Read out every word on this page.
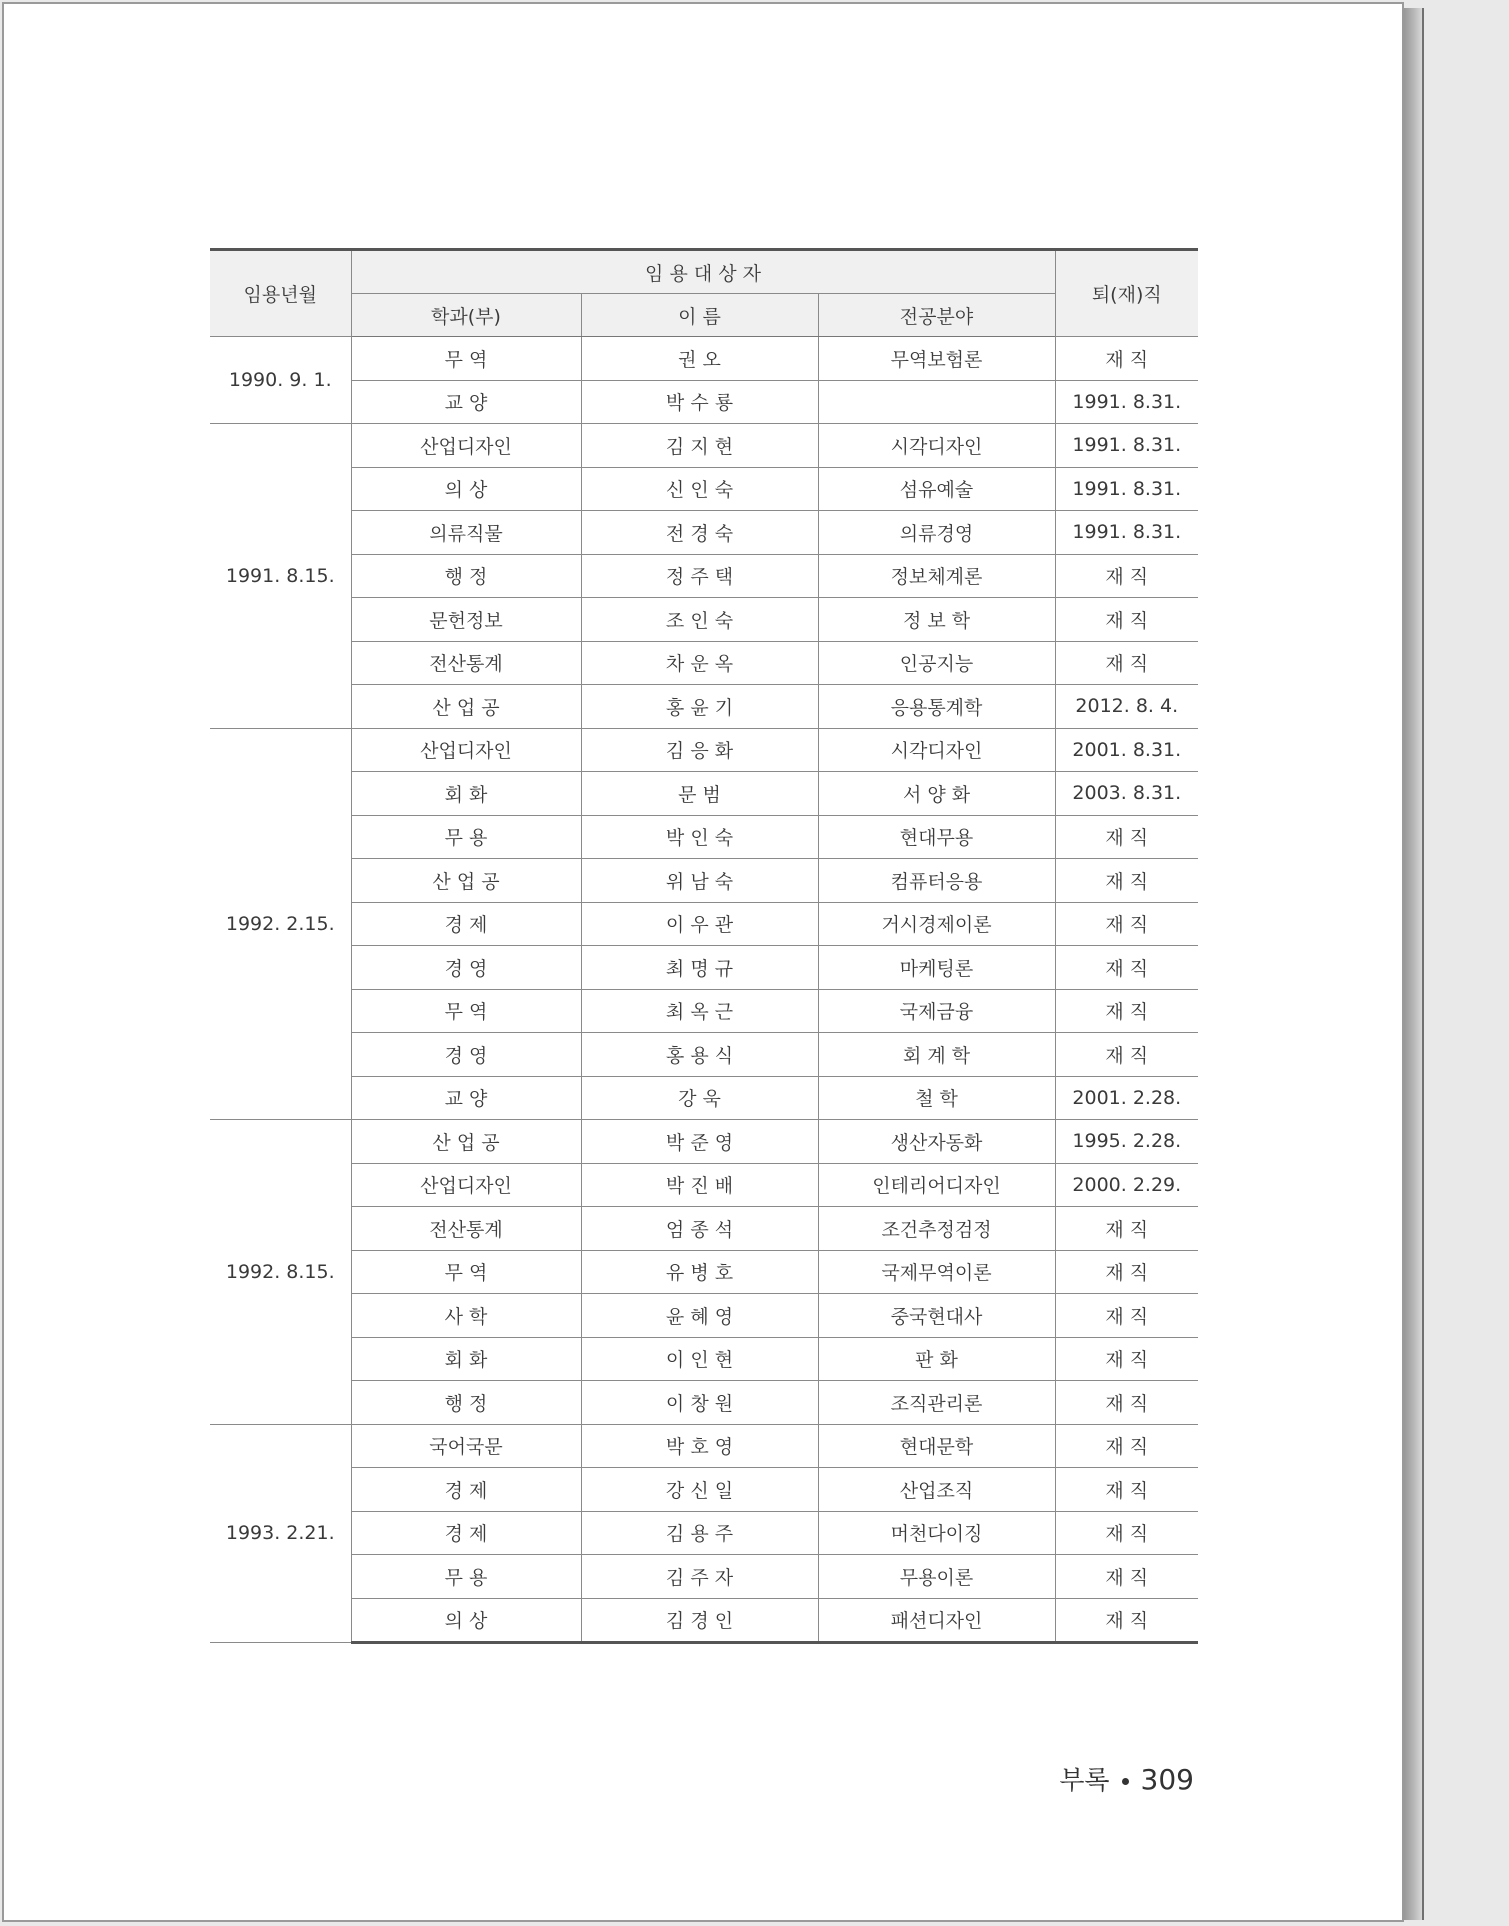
임용년월	임 용 대 상 자			퇴(재)직
	학과(부)	이 름	전공분야	
1990. 9. 1.	무 역	권 오	무역보험론	재 직
	교 양	박 수 룡		1991. 8.31.
1991. 8.15.	산업디자인	김 지 현	시각디자인	1991. 8.31.
	의 상	신 인 숙	섬유예술	1991. 8.31.
	의류직물	전 경 숙	의류경영	1991. 8.31.
	행 정	정 주 택	정보체계론	재 직
	문헌정보	조 인 숙	정 보 학	재 직
	전산통계	차 운 옥	인공지능	재 직
	산 업 공	홍 윤 기	응용통계학	2012. 8. 4.
1992. 2.15.	산업디자인	김 응 화	시각디자인	2001. 8.31.
	회 화	문 범	서 양 화	2003. 8.31.
	무 용	박 인 숙	현대무용	재 직
	산 업 공	위 남 숙	컴퓨터응용	재 직
	경 제	이 우 관	거시경제이론	재 직
	경 영	최 명 규	마케팅론	재 직
	무 역	최 옥 근	국제금융	재 직
	경 영	홍 용 식	회 계 학	재 직
	교 양	강 욱	철 학	2001. 2.28.
1992. 8.15.	산 업 공	박 준 영	생산자동화	1995. 2.28.
	산업디자인	박 진 배	인테리어디자인	2000. 2.29.
	전산통계	엄 종 석	조건추정검정	재 직
	무 역	유 병 호	국제무역이론	재 직
	사 학	윤 혜 영	중국현대사	재 직
	회 화	이 인 현	판 화	재 직
	행 정	이 창 원	조직관리론	재 직
1993. 2.21.	국어국문	박 호 영	현대문학	재 직
	경 제	강 신 일	산업조직	재 직
	경 제	김 용 주	머천다이징	재 직
	무 용	김 주 자	무용이론	재 직
	의 상	김 경 인	패션디자인	재 직
부록 309
